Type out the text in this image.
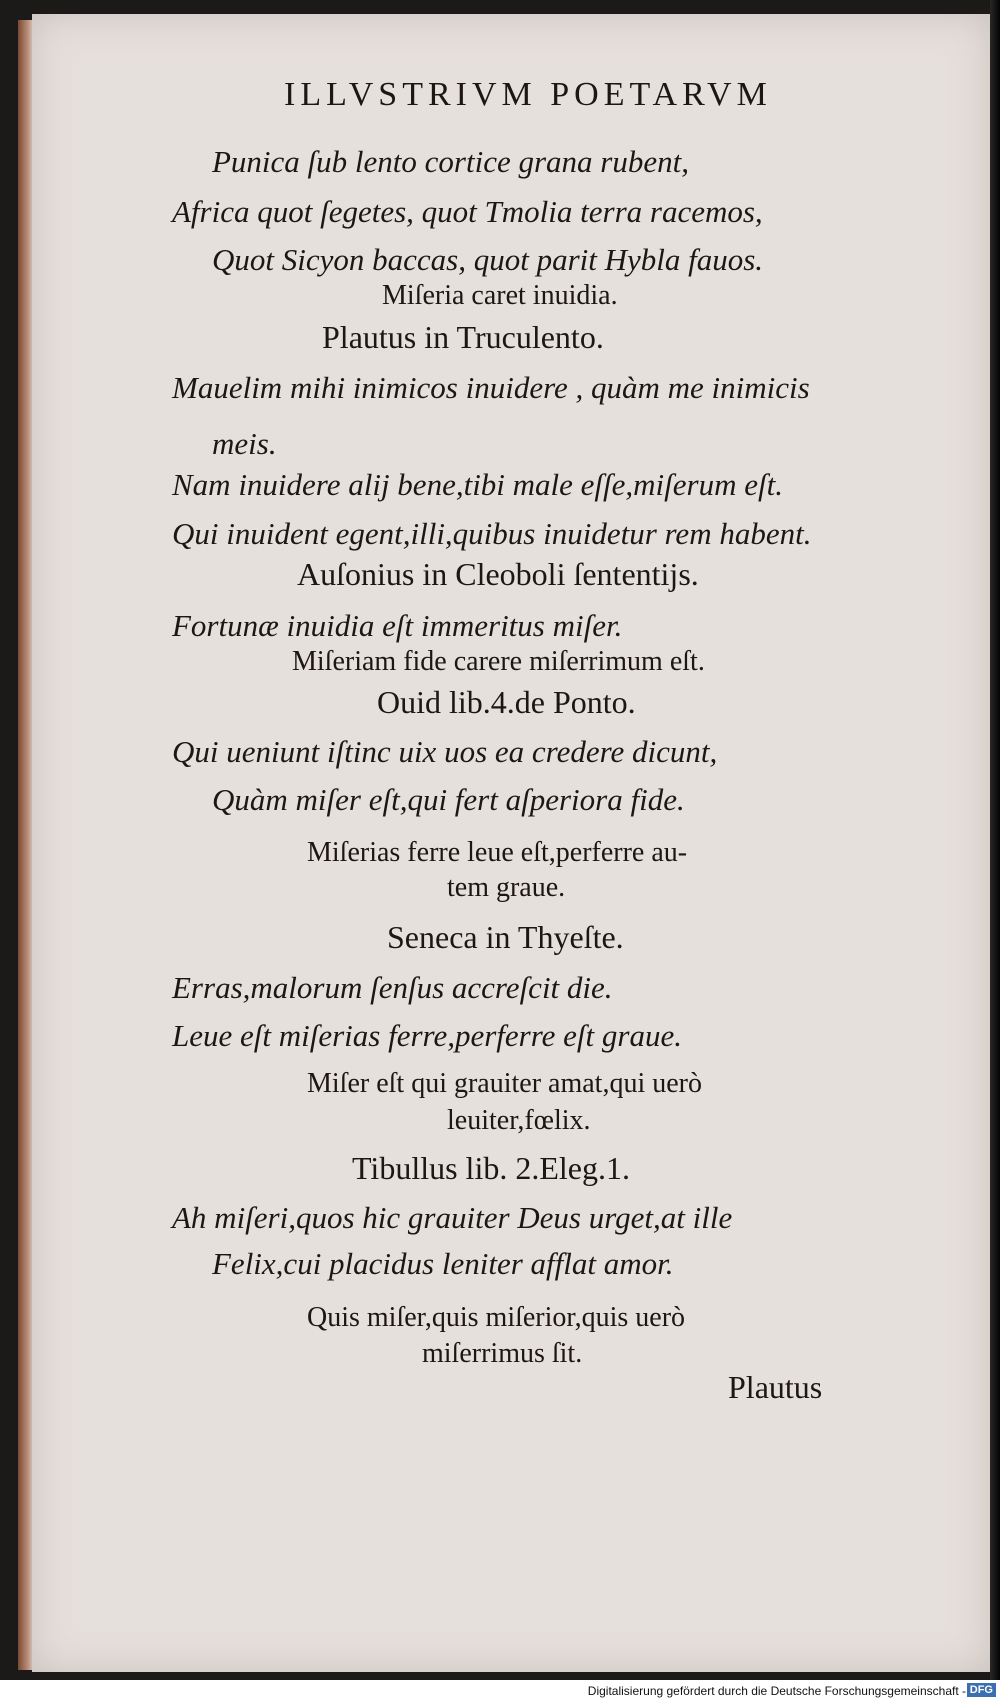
ILLVSTRIVM POETARVM
Punica ſub lento cortice grana rubent,
Africa quot ſegetes, quot Tmolia terra racemos,
Quot Sicyon baccas, quot parit Hybla fauos.
Miſeria caret inuidia.
Plautus in Truculento.
Mauelim mihi inimicos inuidere , quàm me inimicis
meis.
Nam inuidere alij bene,tibi male eſſe,miſerum eſt.
Qui inuident egent,illi,quibus inuidetur rem habent.
Auſonius in Cleoboli ſententijs.
Fortunæ inuidia eſt immeritus miſer.
Miſeriam fide carere miſerrimum eſt.
Ouid lib.4.de Ponto.
Qui ueniunt iſtinc uix uos ea credere dicunt,
Quàm miſer eſt,qui fert aſperiora fide.
Miſerias ferre leue eſt,perferre au-
tem graue.
Seneca in Thyeſte.
Erras,malorum ſenſus accreſcit die.
Leue eſt miſerias ferre,perferre eſt graue.
Miſer eſt qui grauiter amat,qui uerò
leuiter,fœlix.
Tibullus lib. 2.Eleg.1.
Ah miſeri,quos hic grauiter Deus urget,at ille
Felix,cui placidus leniter afflat amor.
Quis miſer,quis miſerior,quis uerò
miſerrimus ſit.
Plautus
Digitalisierung gefördert durch die Deutsche Forschungsgemeinschaft - DFG
